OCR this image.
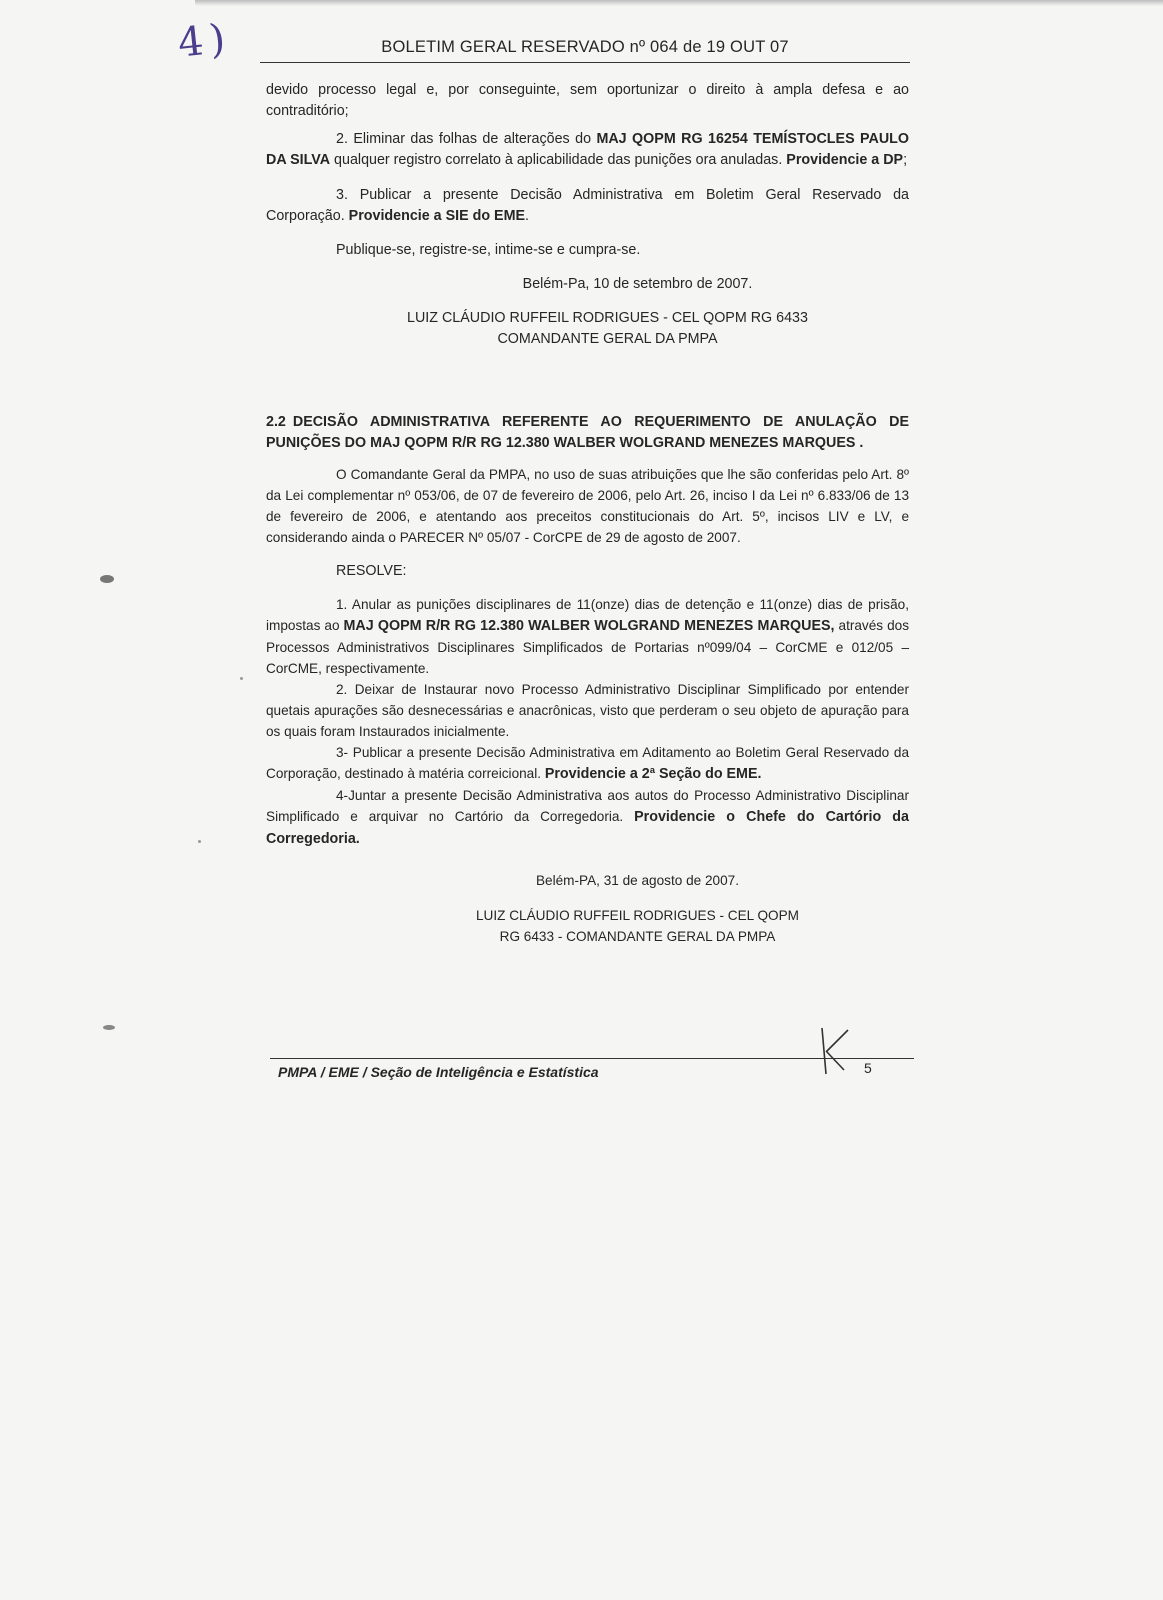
4)	BOLETIM GERAL RESERVADO nº 064 de 19 OUT 07

devido processo legal e, por conseguinte, sem oportunizar o direito à ampla defesa e ao contraditório;

2. Eliminar das folhas de alterações do MAJ QOPM RG 16254 TEMÍSTOCLES PAULO DA SILVA qualquer registro correlato à aplicabilidade das punições ora anuladas. Providencie a DP;

3. Publicar a presente Decisão Administrativa em Boletim Geral Reservado da Corporação. Providencie a SIE do EME.

Publique-se, registre-se, intime-se e cumpra-se.

Belém-Pa, 10 de setembro de 2007.

LUIZ CLÁUDIO RUFFEIL RODRIGUES - CEL QOPM RG 6433

COMANDANTE GERAL DA PMPA

2.2 DECISÃO ADMINISTRATIVA REFERENTE AO REQUERIMENTO DE ANULAÇÃO DE PUNIÇÕES DO MAJ QOPM R/R RG 12.380 WALBER WOLGRAND MENEZES MARQUES .

O Comandante Geral da PMPA, no uso de suas atribuições que lhe são conferidas pelo Art. 8º da Lei complementar nº 053/06, de 07 de fevereiro de 2006, pelo Art. 26, inciso I da Lei nº 6.833/06 de 13 de fevereiro de 2006, e atentando aos preceitos constitucionais do Art. 5º, incisos LIV e LV, e considerando ainda o PARECER Nº 05/07 - CorCPE de 29 de agosto de 2007.

RESOLVE:

1. Anular as punições disciplinares de 11(onze) dias de detenção e 11(onze) dias de prisão, impostas ao MAJ QOPM R/R RG 12.380 WALBER WOLGRAND MENEZES MARQUES, através dos Processos Administrativos Disciplinares Simplificados de Portarias nº099/04 – CorCME e 012/05 – CorCME, respectivamente.

2. Deixar de Instaurar novo Processo Administrativo Disciplinar Simplificado por entender quetais apurações são desnecessárias e anacrônicas, visto que perderam o seu objeto de apuração para os quais foram Instaurados inicialmente.

3- Publicar a presente Decisão Administrativa em Aditamento ao Boletim Geral Reservado da Corporação, destinado à matéria correicional. Providencie a 2ª Seção do EME.

4-Juntar a presente Decisão Administrativa aos autos do Processo Administrativo Disciplinar Simplificado e arquivar no Cartório da Corregedoria. Providencie o Chefe do Cartório da Corregedoria.

Belém-PA, 31 de agosto de 2007.

LUIZ CLÁUDIO RUFFEIL RODRIGUES - CEL QOPM

RG 6433 - COMANDANTE GERAL DA PMPA

PMPA / EME / Seção de Inteligência e Estatística	5
